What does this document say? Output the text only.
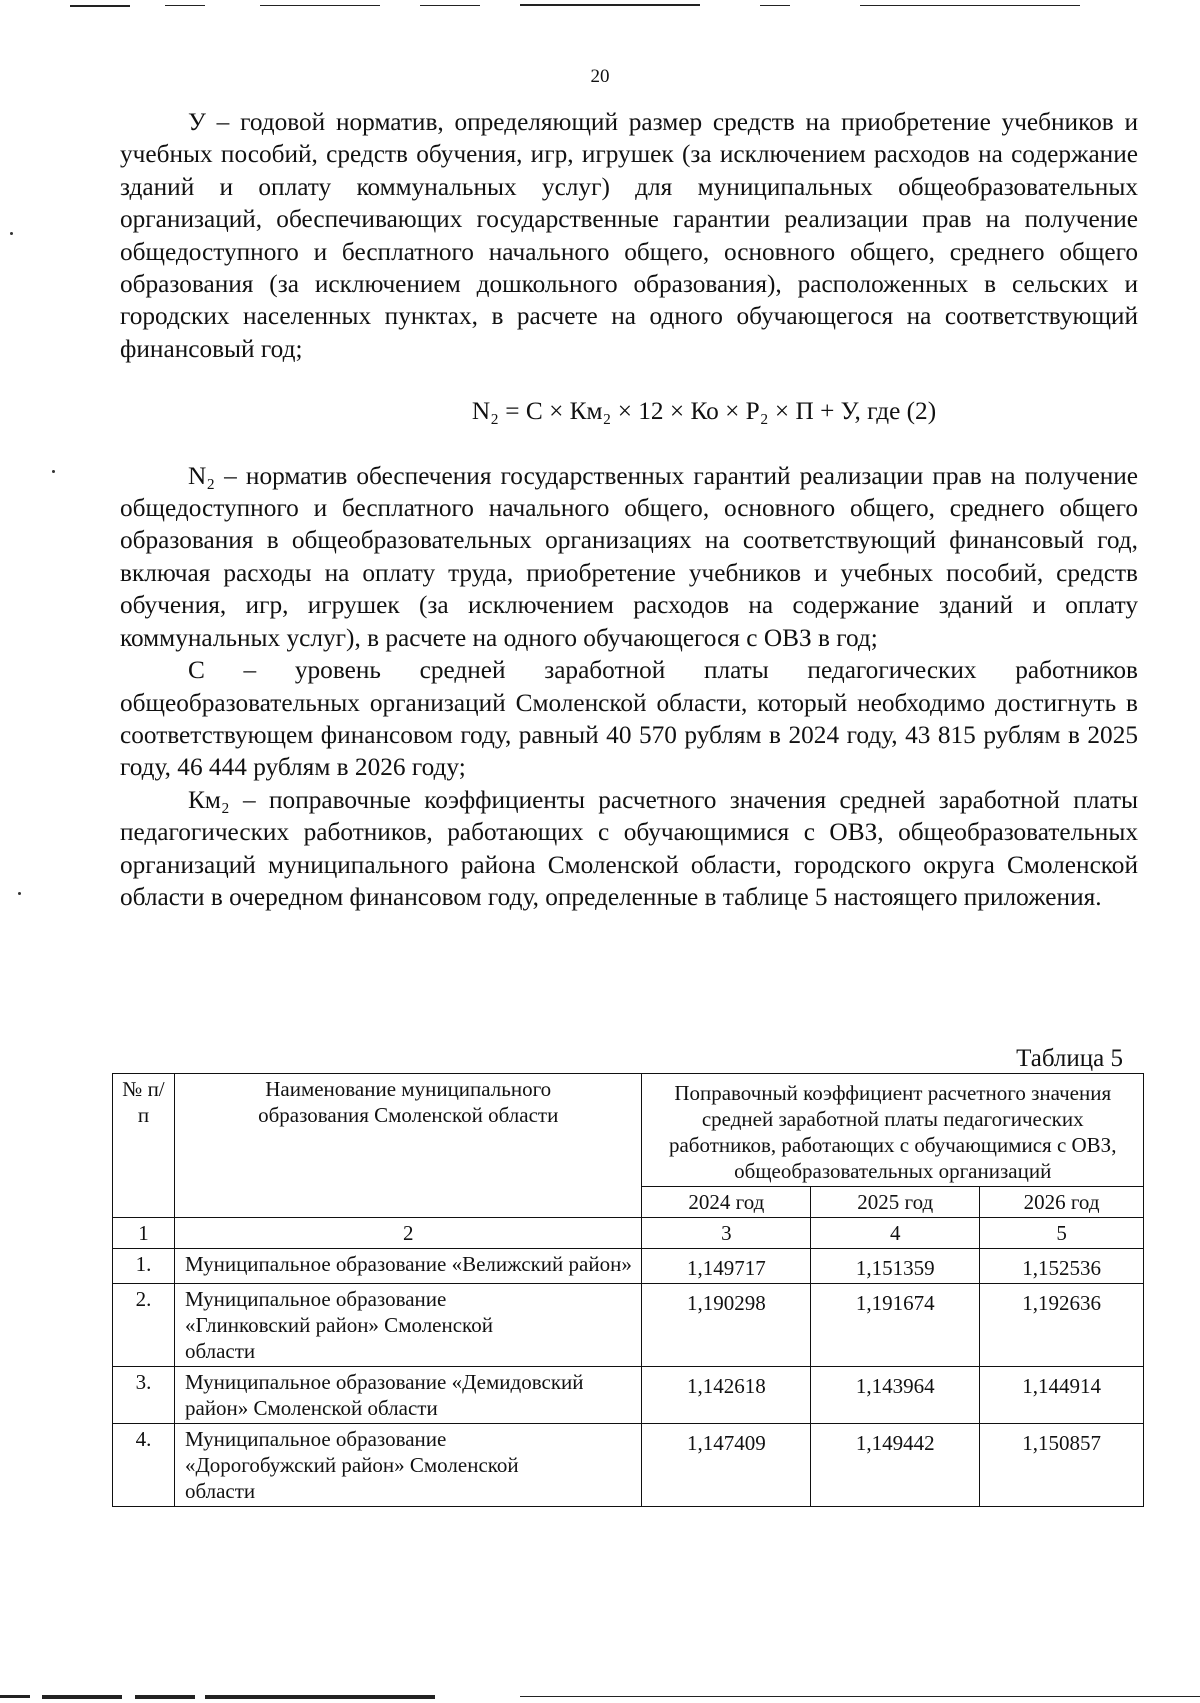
20

У – годовой норматив, определяющий размер средств на приобретение учебников и учебных пособий, средств обучения, игр, игрушек (за исключением расходов на содержание зданий и оплату коммунальных услуг) для муниципальных общеобразовательных организаций, обеспечивающих государственные гарантии реализации прав на получение общедоступного и бесплатного начального общего, основного общего, среднего общего образования (за исключением дошкольного образования), расположенных в сельских и городских населенных пунктах, в расчете на одного обучающегося на соответствующий финансовый год;

N₂ = С × Км₂ × 12 × Ко × Р₂ × П + У, где (2)

N₂ – норматив обеспечения государственных гарантий реализации прав на получение общедоступного и бесплатного начального общего, основного общего, среднего общего образования в общеобразовательных организациях на соответствующий финансовый год, включая расходы на оплату труда, приобретение учебников и учебных пособий, средств обучения, игр, игрушек (за исключением расходов на содержание зданий и оплату коммунальных услуг), в расчете на одного обучающегося с ОВЗ в год;

С – уровень средней заработной платы педагогических работников общеобразовательных организаций Смоленской области, который необходимо достигнуть в соответствующем финансовом году, равный 40 570 рублям в 2024 году, 43 815 рублям в 2025 году, 46 444 рублям в 2026 году;

Км₂ – поправочные коэффициенты расчетного значения средней заработной платы педагогических работников, работающих с обучающимися с ОВЗ, общеобразовательных организаций муниципального района Смоленской области, городского округа Смоленской области в очередном финансовом году, определенные в таблице 5 настоящего приложения.

Таблица 5
№ п/п	Наименование муниципального образования Смоленской области	Поправочный коэффициент расчетного значения средней заработной платы педагогических работников, работающих с обучающимися с ОВЗ, общеобразовательных организаций		
		2024 год	2025 год	2026 год
1	2	3	4	5
1.	Муниципальное образование «Велижский район»	1,149717	1,151359	1,152536
2.	Муниципальное образование «Глинковский район» Смоленской области	1,190298	1,191674	1,192636
3.	Муниципальное образование «Демидовский район» Смоленской области	1,142618	1,143964	1,144914
4.	Муниципальное образование «Дорогобужский район» Смоленской области	1,147409	1,149442	1,150857
